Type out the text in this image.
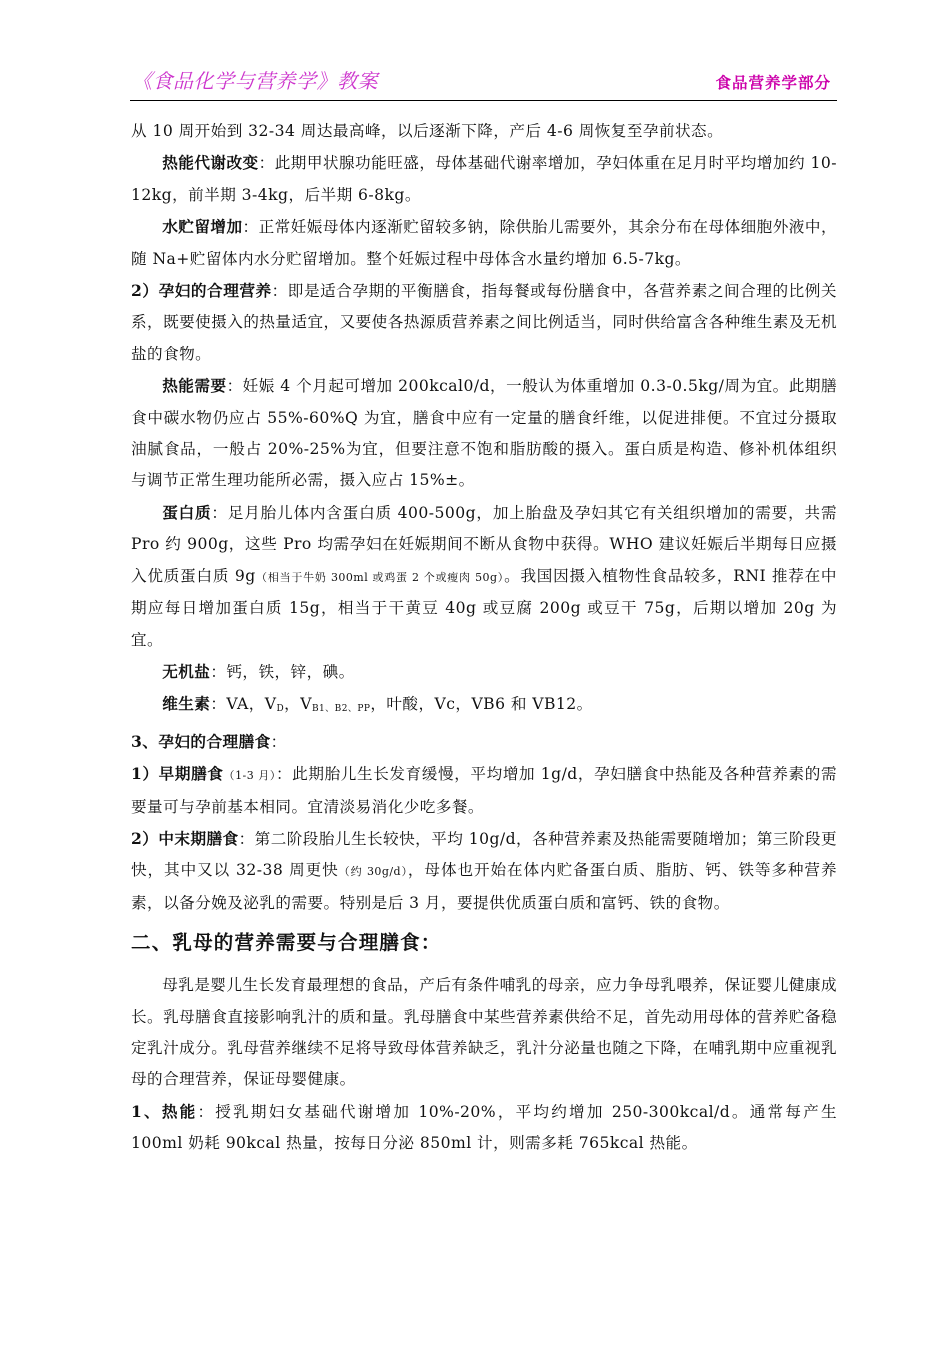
《食品化学与营养学》教案	食品营养学部分

从 10 周开始到 32-34 周达最高峰，以后逐渐下降，产后 4-6 周恢复至孕前状态。

热能代谢改变：此期甲状腺功能旺盛，母体基础代谢率增加，孕妇体重在足月时平均增加约 10-12kg，前半期 3-4kg，后半期 6-8kg。

水贮留增加：正常妊娠母体内逐渐贮留较多钠，除供胎儿需要外，其余分布在母体细胞外液中，随 Na+贮留体内水分贮留增加。整个妊娠过程中母体含水量约增加 6.5-7kg。

2）孕妇的合理营养：即是适合孕期的平衡膳食，指每餐或每份膳食中，各营养素之间合理的比例关系，既要使摄入的热量适宜，又要使各热源质营养素之间比例适当，同时供给富含各种维生素及无机盐的食物。

热能需要：妊娠 4 个月起可增加 200kcal0/d，一般认为体重增加 0.3-0.5kg/周为宜。此期膳食中碳水物仍应占 55%-60%Q 为宜，膳食中应有一定量的膳食纤维，以促进排便。不宜过分摄取油腻食品，一般占 20%-25%为宜，但要注意不饱和脂肪酸的摄入。蛋白质是构造、修补机体组织与调节正常生理功能所必需，摄入应占 15%±。

蛋白质：足月胎儿体内含蛋白质 400-500g，加上胎盘及孕妇其它有关组织增加的需要，共需 Pro 约 900g，这些 Pro 均需孕妇在妊娠期间不断从食物中获得。WHO 建议妊娠后半期每日应摄入优质蛋白质 9g（相当于牛奶 300ml 或鸡蛋 2 个或瘦肉 50g）。我国因摄入植物性食品较多，RNI 推荐在中期应每日增加蛋白质 15g，相当于干黄豆 40g 或豆腐 200g 或豆干 75g，后期以增加 20g 为宜。

无机盐：钙，铁，锌，碘。

维生素：VA，$V_D$，$V_{B1、B2、PP}$，叶酸，Vc，VB6 和 VB12。

3、孕妇的合理膳食：

1）早期膳食（1-3 月）：此期胎儿生长发育缓慢，平均增加 1g/d，孕妇膳食中热能及各种营养素的需要量可与孕前基本相同。宜清淡易消化少吃多餐。

2）中末期膳食：第二阶段胎儿生长较快，平均 10g/d，各种营养素及热能需要随增加；第三阶段更快，其中又以 32-38 周更快（约 30g/d），母体也开始在体内贮备蛋白质、脂肪、钙、铁等多种营养素，以备分娩及泌乳的需要。特别是后 3 月，要提供优质蛋白质和富钙、铁的食物。

二、乳母的营养需要与合理膳食：

母乳是婴儿生长发育最理想的食品，产后有条件哺乳的母亲，应力争母乳喂养，保证婴儿健康成长。乳母膳食直接影响乳汁的质和量。乳母膳食中某些营养素供给不足，首先动用母体的营养贮备稳定乳汁成分。乳母营养继续不足将导致母体营养缺乏，乳汁分泌量也随之下降，在哺乳期中应重视乳母的合理营养，保证母婴健康。

1、热能：授乳期妇女基础代谢增加 10%-20%，平均约增加 250-300kcal/d。通常每产生 100ml 奶耗 90kcal 热量，按每日分泌 850ml 计，则需多耗 765kcal 热能。
